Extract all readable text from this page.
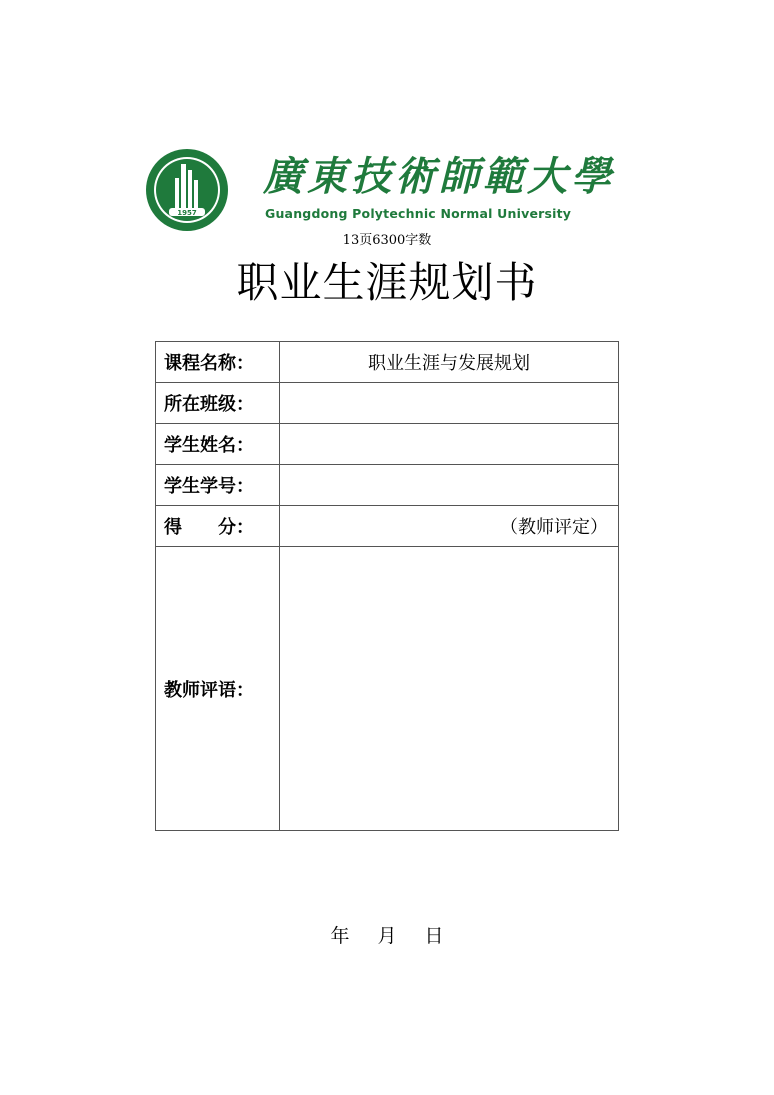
1957
廣東技術師範大學
Guangdong Polytechnic Normal University
13页6300字数
职业生涯规划书
课程名称：	职业生涯与发展规划
所在班级：	
学生姓名：	
学生学号：	

得 分：	（教师评定）
教师评语：	
年 月 日
